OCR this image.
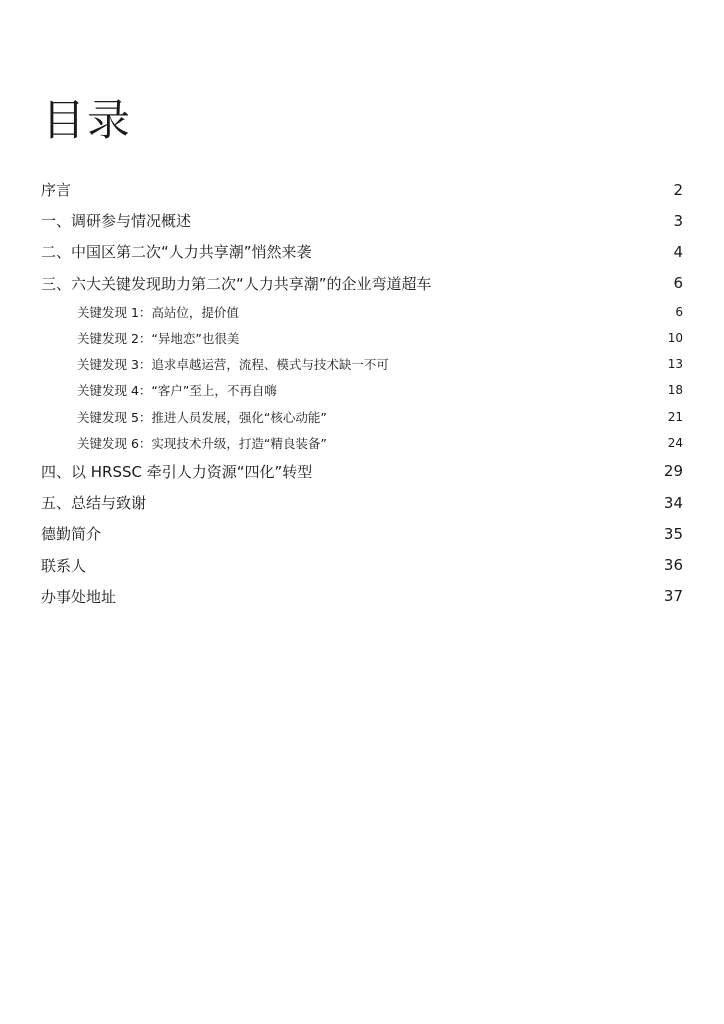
目录
序言	2
一、调研参与情况概述	3
二、中国区第二次“人力共享潮”悄然来袭	4
三、六大关键发现助力第二次“人力共享潮”的企业弯道超车	6
关键发现 1：高站位，提价值	6
关键发现 2：“异地恋”也很美	10
关键发现 3：追求卓越运营，流程、模式与技术缺一不可	13
关键发现 4：“客户”至上，不再自嗨	18
关键发现 5：推进人员发展，强化“核心动能”	21
关键发现 6：实现技术升级，打造“精良装备”	24
四、以 HRSSC 牵引人力资源“四化”转型	29
五、总结与致谢	34
德勤简介	35
联系人	36
办事处地址	37
